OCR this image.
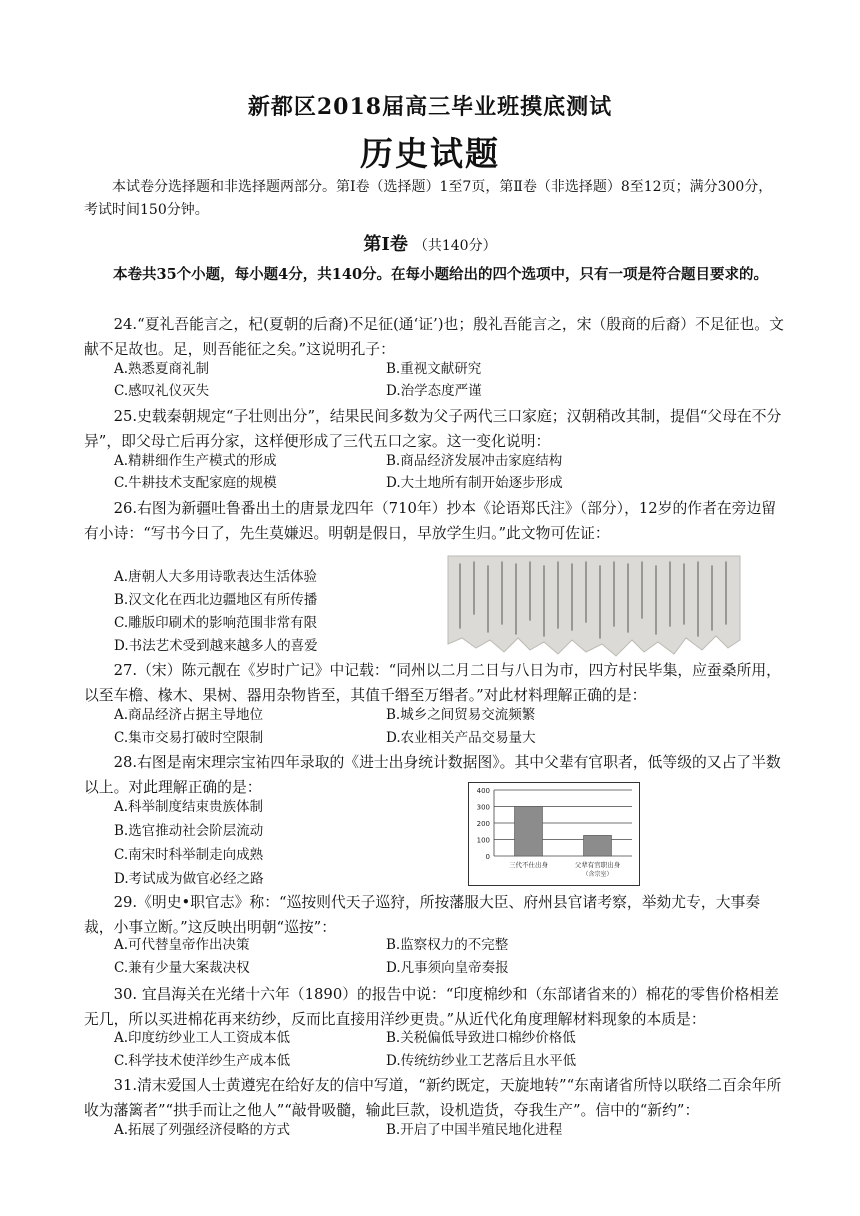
新都区2018届高三毕业班摸底测试
历史试题
本试卷分选择题和非选择题两部分。第Ⅰ卷（选择题）1至7页，第Ⅱ卷（非选择题）8至12页；满分300分，考试时间150分钟。
第Ⅰ卷 （共140分）
本卷共35个小题，每小题4分，共140分。在每小题给出的四个选项中，只有一项是符合题目要求的。
24.“夏礼吾能言之，杞(夏朝的后裔)不足征(通‘证’)也；殷礼吾能言之，宋（殷商的后裔）不足征也。文献不足故也。足，则吾能征之矣。”这说明孔子：
A.熟悉夏商礼制	B.重视文献研究
C.感叹礼仪灭失	D.治学态度严谨
25.史载秦朝规定“子壮则出分”，结果民间多数为父子两代三口家庭；汉朝稍改其制，提倡“父母在不分异”，即父母亡后再分家，这样便形成了三代五口之家。这一变化说明：
A.精耕细作生产模式的形成	B.商品经济发展冲击家庭结构
C.牛耕技术支配家庭的规模	D.大土地所有制开始逐步形成
26.右图为新疆吐鲁番出土的唐景龙四年（710年）抄本《论语郑氏注》（部分），12岁的作者在旁边留有小诗：“写书今日了，先生莫嫌迟。明朝是假日，早放学生归。”此文物可佐证：
A.唐朝人大多用诗歌表达生活体验
B.汉文化在西北边疆地区有所传播
C.雕版印刷术的影响范围非常有限
D.书法艺术受到越来越多人的喜爱
27.（宋）陈元靓在《岁时广记》中记载：“同州以二月二日与八日为市，四方村民毕集，应蚕桑所用，以至车檐、椽木、果树、器用杂物皆至，其值千缗至万缗者。”对此材料理解正确的是：
A.商品经济占据主导地位	B.城乡之间贸易交流频繁
C.集市交易打破时空限制	D.农业相关产品交易量大
28.右图是南宋理宗宝祐四年录取的《进士出身统计数据图》。其中父辈有官职者，低等级的又占了半数以上。对此理解正确的是：
A.科举制度结束贵族体制
B.选官推动社会阶层流动
C.南宋时科举制走向成熟
D.考试成为做官必经之路
0
100
200
300
400
三代不仕出身	父辈有官职出身
（含宗室）
29.《明史•职官志》称：“巡按则代天子巡狩，所按藩服大臣、府州县官诸考察，举劾尤专，大事奏裁，小事立断。”这反映出明朝“巡按”：
A.可代替皇帝作出决策	B.监察权力的不完整
C.兼有少量大案裁决权	D.凡事须向皇帝奏报
30. 宜昌海关在光绪十六年（1890）的报告中说：“印度棉纱和（东部诸省来的）棉花的零售价格相差无几，所以买进棉花再来纺纱，反而比直接用洋纱更贵。”从近代化角度理解材料现象的本质是：
A.印度纺纱业工人工资成本低	B.关税偏低导致进口棉纱价格低
C.科学技术使洋纱生产成本低	D.传统纺纱业工艺落后且水平低
31.清末爱国人士黄遵宪在给好友的信中写道，“新约既定，天旋地转”“东南诸省所恃以联络二百余年所收为藩篱者”“拱手而让之他人”“敲骨吸髓，输此巨款，设机造货，夺我生产”。信中的“新约”：
A.拓展了列强经济侵略的方式	B.开启了中国半殖民地化进程
